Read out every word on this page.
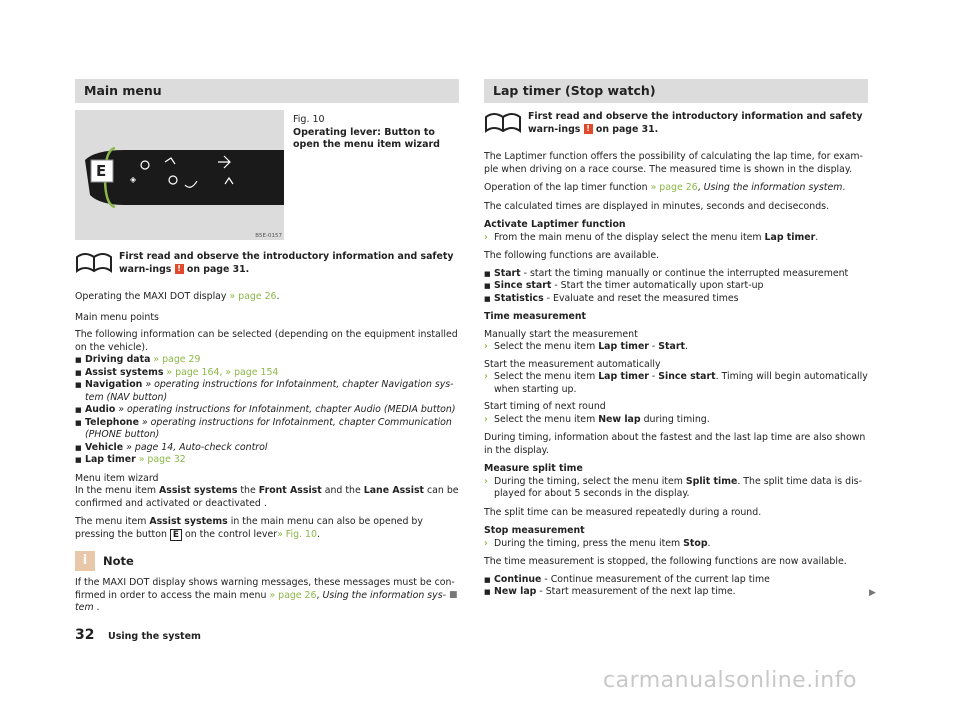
Main menu
◈
E
B5E-0157
Fig. 10
Operating lever: Button to open the menu item wizard
First read and observe the introductory information and safety warn-ings ! on page 31.

Operating the MAXI DOT display » page 26.

Main menu points

The following information can be selected (depending on the equipment installed on the vehicle).

■ Driving data » page 29
■ Assist systems » page 164, » page 154
■ Navigation » operating instructions for Infotainment, chapter Navigation sys-tem (NAV button)
■ Audio » operating instructions for Infotainment, chapter Audio (MEDIA button)
■ Telephone » operating instructions for Infotainment, chapter Communication (PHONE button)
■ Vehicle » page 14, Auto-check control
■ Lap timer » page 32

Menu item wizard

In the menu item Assist systems the Front Assist and the Lane Assist can be confirmed and activated or deactivated .

The menu item Assist systems in the main menu can also be opened by pressing the button E on the control lever» Fig. 10.

i	Note

If the MAXI DOT display shows warning messages, these messages must be con-firmed in order to access the main menu » page 26, Using the information sys-tem .

■
Lap timer (Stop watch)
First read and observe the introductory information and safety warn-ings ! on page 31.

The Laptimer function offers the possibility of calculating the lap time, for exam-ple when driving on a race course. The measured time is shown in the display.

Operation of the lap timer function » page 26, Using the information system.

The calculated times are displayed in minutes, seconds and deciseconds.

Activate Laptimer function

› From the main menu of the display select the menu item Lap timer.

The following functions are available.

■ Start - start the timing manually or continue the interrupted measurement
■ Since start - Start the timer automatically upon start-up
■ Statistics - Evaluate and reset the measured times

Time measurement

Manually start the measurement

› Select the menu item Lap timer - Start.

Start the measurement automatically

› Select the menu item Lap timer - Since start. Timing will begin automatically when starting up.

Start timing of next round

› Select the menu item New lap during timing.

During timing, information about the fastest and the last lap time are also shown in the display.

Measure split time

› During the timing, select the menu item Split time. The split time data is dis-played for about 5 seconds in the display.

The split time can be measured repeatedly during a round.

Stop measurement

› During the timing, press the menu item Stop.

The time measurement is stopped, the following functions are now available.

■ Continue - Continue measurement of the current lap time
■ New lap - Start measurement of the next lap time.	▶
32 Using the system
carmanualsonline.info
